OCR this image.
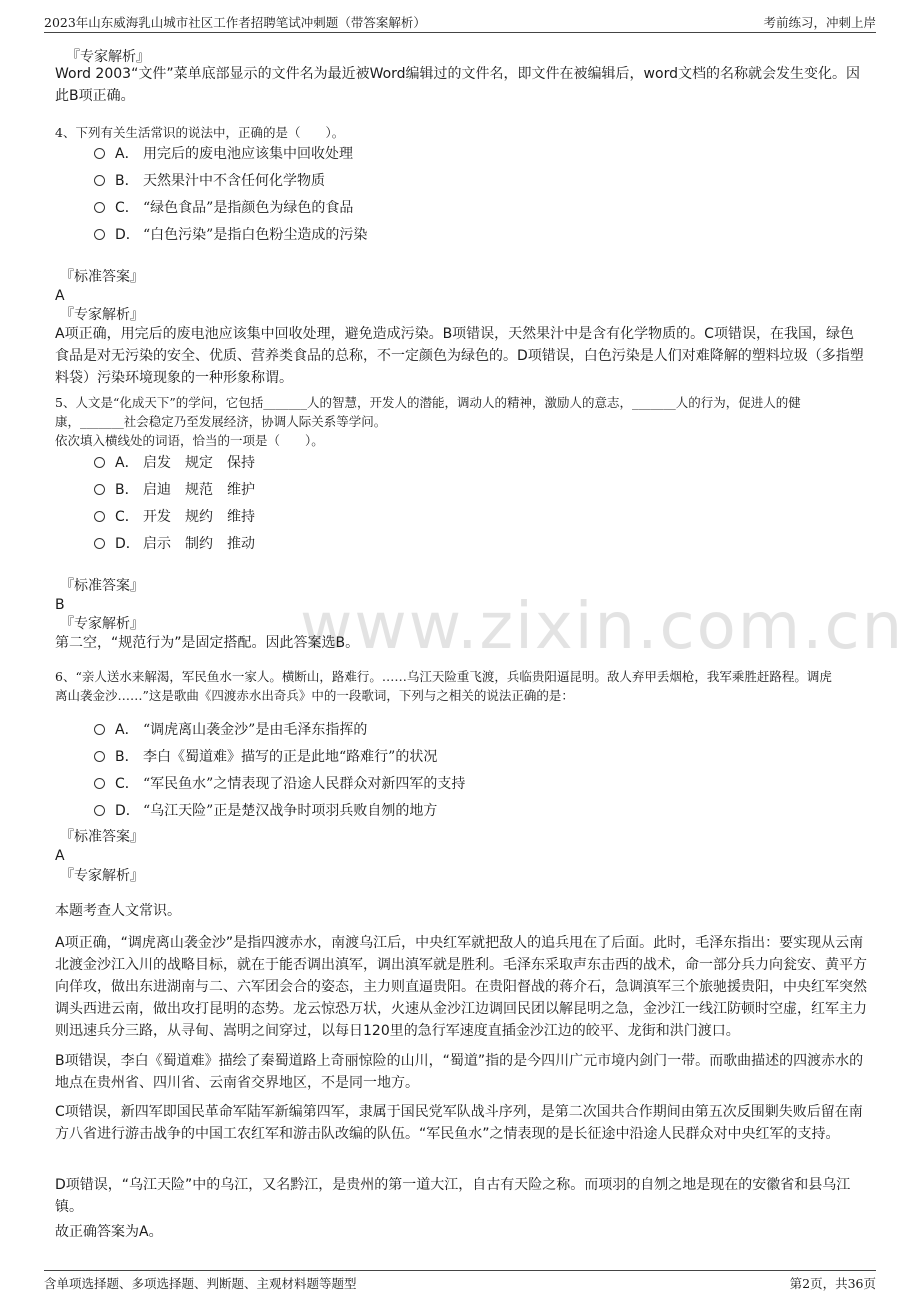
2023年山东威海乳山城市社区工作者招聘笔试冲刺题（带答案解析）	考前练习，冲刺上岸
www.zixin.com.cn
『专家解析』
Word 2003“文件”菜单底部显示的文件名为最近被Word编辑过的文件名，即文件在被编辑后，word文档的名称就会发生变化。因此B项正确。
4、下列有关生活常识的说法中，正确的是（　　）。
A． 用完后的废电池应该集中回收处理
B． 天然果汁中不含任何化学物质
C． “绿色食品”是指颜色为绿色的食品
D． “白色污染”是指白色粉尘造成的污染
『标准答案』
A
『专家解析』
A项正确，用完后的废电池应该集中回收处理，避免造成污染。B项错误，天然果汁中是含有化学物质的。C项错误，在我国，绿色食品是对无污染的安全、优质、营养类食品的总称，不一定颜色为绿色的。D项错误，白色污染是人们对难降解的塑料垃圾（多指塑料袋）污染环境现象的一种形象称谓。
5、人文是“化成天下”的学问，它包括_______人的智慧，开发人的潜能，调动人的精神，激励人的意志，_______人的行为，促进人的健
康，_______社会稳定乃至发展经济，协调人际关系等学问。
依次填入横线处的词语，恰当的一项是（　　）。
A． 启发　规定　保持
B． 启迪　规范　维护
C． 开发　规约　维持
D． 启示　制约　推动
『标准答案』
B
『专家解析』
第二空，“规范行为”是固定搭配。因此答案选B。
6、“亲人送水来解渴，军民鱼水一家人。横断山，路难行。……乌江天险重飞渡，兵临贵阳逼昆明。敌人弃甲丢烟枪，我军乘胜赶路程。调虎
离山袭金沙……”这是歌曲《四渡赤水出奇兵》中的一段歌词，下列与之相关的说法正确的是：
A． “调虎离山袭金沙”是由毛泽东指挥的
B． 李白《蜀道难》描写的正是此地“路难行”的状况
C． “军民鱼水”之情表现了沿途人民群众对新四军的支持
D． “乌江天险”正是楚汉战争时项羽兵败自刎的地方
『标准答案』
A
『专家解析』
本题考查人文常识。
A项正确，“调虎离山袭金沙”是指四渡赤水，南渡乌江后，中央红军就把敌人的追兵甩在了后面。此时，毛泽东指出：要实现从云南北渡金沙江入川的战略目标，就在于能否调出滇军，调出滇军就是胜利。毛泽东采取声东击西的战术，命一部分兵力向瓮安、黄平方向佯攻，做出东进湖南与二、六军团会合的姿态，主力则直逼贵阳。在贵阳督战的蒋介石，急调滇军三个旅驰援贵阳，中央红军突然调头西进云南，做出攻打昆明的态势。龙云惊恐万状，火速从金沙江边调回民团以解昆明之急，金沙江一线江防顿时空虚，红军主力则迅速兵分三路，从寻甸、嵩明之间穿过，以每日120里的急行军速度直插金沙江边的皎平、龙街和洪门渡口。
B项错误，李白《蜀道难》描绘了秦蜀道路上奇丽惊险的山川，“蜀道”指的是今四川广元市境内剑门一带。而歌曲描述的四渡赤水的地点在贵州省、四川省、云南省交界地区，不是同一地方。
C项错误，新四军即国民革命军陆军新编第四军，隶属于国民党军队战斗序列，是第二次国共合作期间由第五次反围剿失败后留在南方八省进行游击战争的中国工农红军和游击队改编的队伍。“军民鱼水”之情表现的是长征途中沿途人民群众对中央红军的支持。
D项错误，“乌江天险”中的乌江，又名黔江，是贵州的第一道大江，自古有天险之称。而项羽的自刎之地是现在的安徽省和县乌江镇。
故正确答案为A。
含单项选择题、多项选择题、判断题、主观材料题等题型	第2页，共36页
